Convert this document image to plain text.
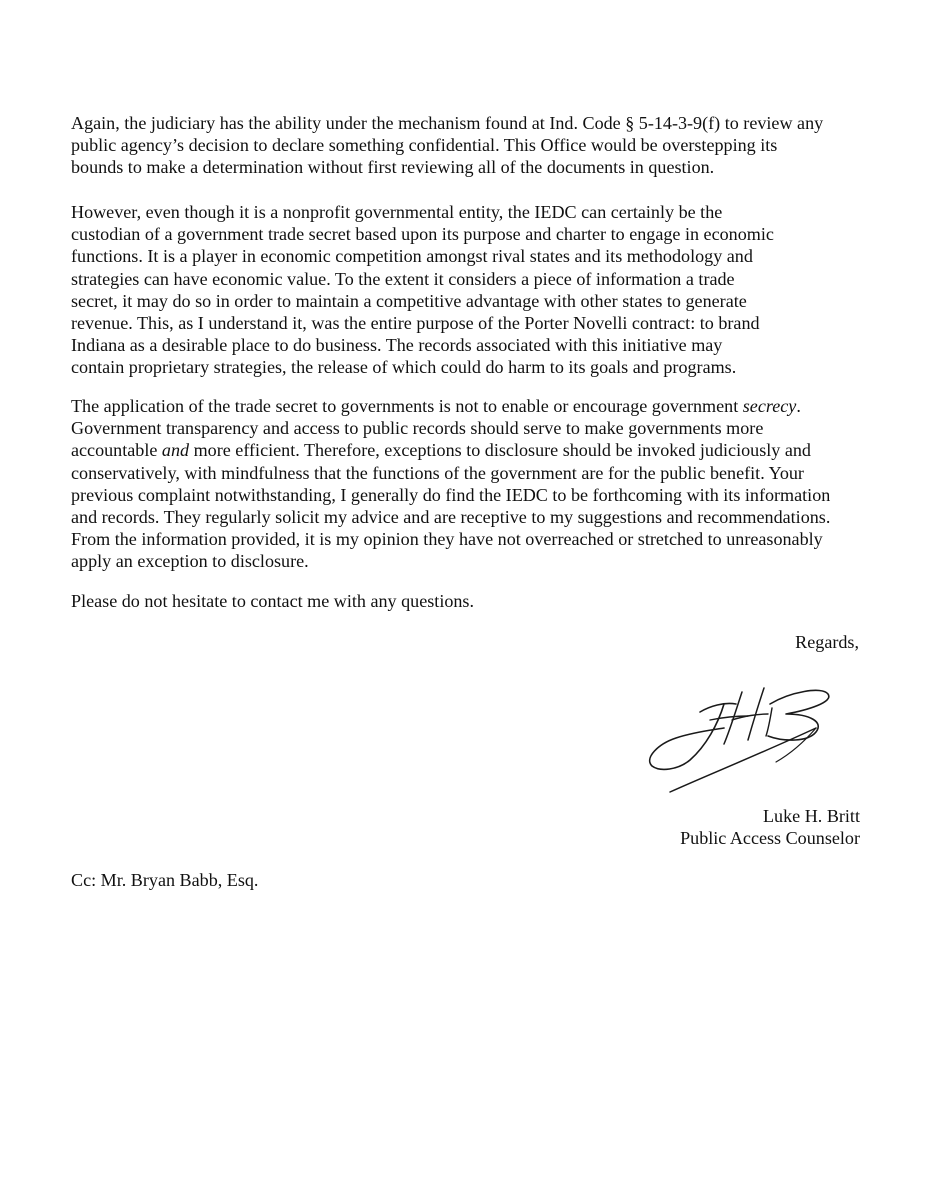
Again, the judiciary has the ability under the mechanism found at Ind. Code § 5-14-3-9(f) to review any
public agency’s decision to declare something confidential. This Office would be overstepping its
bounds to make a determination without first reviewing all of the documents in question.

However, even though it is a nonprofit governmental entity, the IEDC can certainly be the
custodian of a government trade secret based upon its purpose and charter to engage in economic
functions. It is a player in economic competition amongst rival states and its methodology and
strategies can have economic value. To the extent it considers a piece of information a trade
secret, it may do so in order to maintain a competitive advantage with other states to generate
revenue. This, as I understand it, was the entire purpose of the Porter Novelli contract: to brand
Indiana as a desirable place to do business. The records associated with this initiative may
contain proprietary strategies, the release of which could do harm to its goals and programs.

The application of the trade secret to governments is not to enable or encourage government secrecy.
Government transparency and access to public records should serve to make governments more
accountable and more efficient. Therefore, exceptions to disclosure should be invoked judiciously and
conservatively, with mindfulness that the functions of the government are for the public benefit. Your
previous complaint notwithstanding, I generally do find the IEDC to be forthcoming with its information
and records. They regularly solicit my advice and are receptive to my suggestions and recommendations.
From the information provided, it is my opinion they have not overreached or stretched to unreasonably
apply an exception to disclosure.

Please do not hesitate to contact me with any questions.

Regards,

Luke H. Britt
Public Access Counselor

Cc: Mr. Bryan Babb, Esq.
